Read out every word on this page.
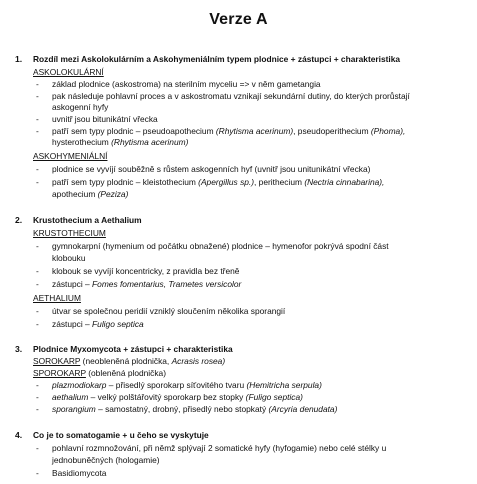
Verze A
1. Rozdíl mezi Askolokulárním a Askohymeniálním typem plodnice + zástupci + charakteristika
ASKOLOKULÁRNÍ
- základ plodnice (askostroma) na sterilním myceliu => v něm gametangia
- pak následuje pohlavní proces a v askostromatu vznikají sekundární dutiny, do kterých prorůstají
askogenní hyfy
- uvnitř jsou bitunikátní vřecka
- patří sem typy plodnic – pseudoapothecium (Rhytisma acerinum), pseudoperithecium (Phoma),
hysterothecium (Rhytisma acerinum)
ASKOHYMENIÁLNÍ
- plodnice se vyvíjí souběžně s růstem askogenních hyf (uvnitř jsou unitunikátní vřecka)
- patří sem typy plodnic – kleistothecium (Apergillus sp.), perithecium (Nectria cinnabarina),
apothecium (Peziza)
2. Krustothecium a Aethalium
KRUSTOTHECIUM
- gymnokarpní (hymenium od počátku obnažené) plodnice – hymenofor pokrývá spodní část
klobouku
- klobouk se vyvíjí koncentricky, z pravidla bez třeně
- zástupci – Fomes fomentarius, Trametes versicolor
AETHALIUM
- útvar se společnou peridií vzniklý sloučením několika sporangií
- zástupci – Fuligo septica
3. Plodnice Myxomycota + zástupci + charakteristika
SOROKARP (neobleněná plodnička, Acrasis rosea)
SPOROKARP (obleněná plodnička)
- plazmodiokarp – přisedlý sporokarp síťovitého tvaru (Hemitricha serpula)
- aethalium – velký polštářovitý sporokarp bez stopky (Fuligo septica)
- sporangium – samostatný, drobný, přisedlý nebo stopkatý (Arcyria denudata)
4. Co je to somatogamie + u čeho se vyskytuje
- pohlavní rozmnožování, při němž splývají 2 somatické hyfy (hyfogamie) nebo celé stélky u
jednobuněčných (hologamie)
- Basidiomycota
